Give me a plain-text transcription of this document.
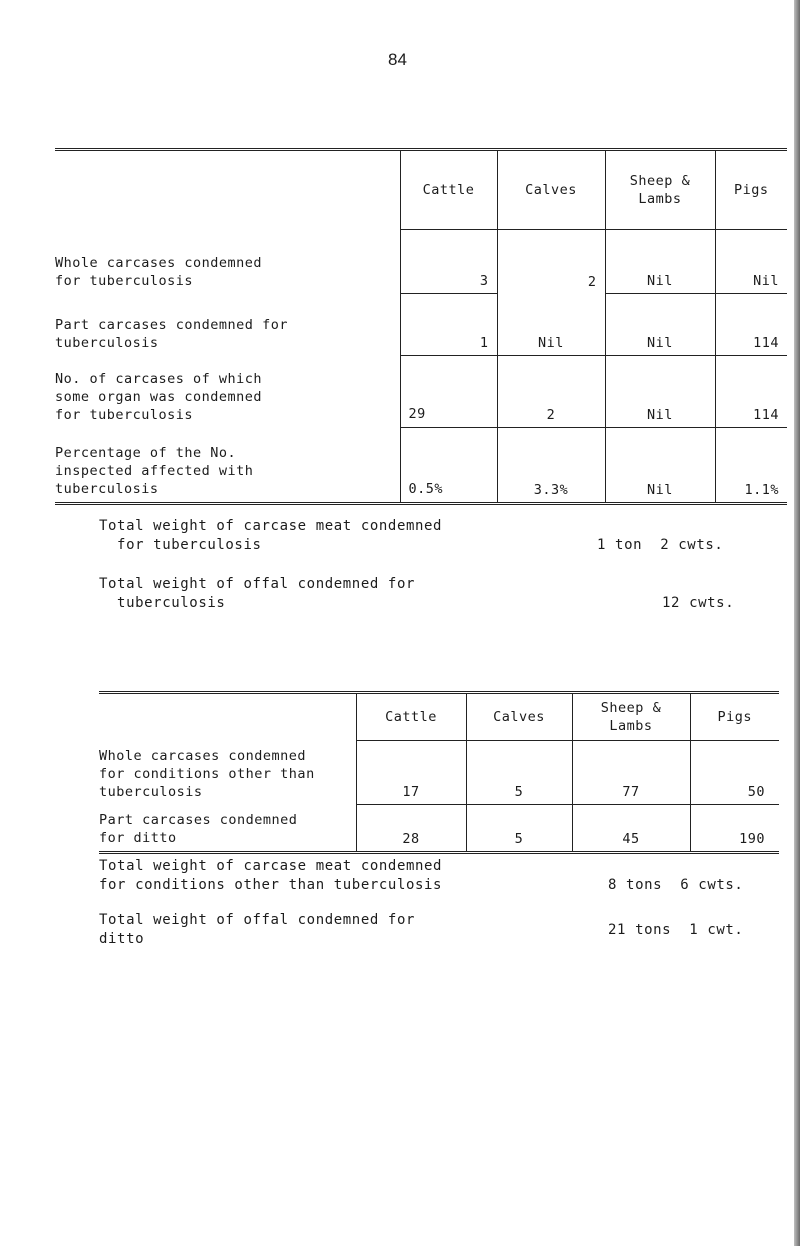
84
	Cattle	Calves	Sheep &
Lambs	Pigs
Whole carcases condemned
for tuberculosis	3	2	Nil	Nil
Part carcases condemned for
tuberculosis	1	Nil	Nil	114
No. of carcases of which
some organ was condemned
for tuberculosis	29	2	Nil	114
Percentage of the No.
inspected affected with
tuberculosis	0.5%	3.3%	Nil	1.1%
Total weight of carcase meat condemned
for tuberculosis	1 ton  2 cwts.
Total weight of offal condemned for
tuberculosis	12 cwts.
	Cattle	Calves	Sheep &
Lambs	Pigs
Whole carcases condemned
for conditions other than
tuberculosis	17	5	77	50
Part carcases condemned
for ditto	28	5	45	190
Total weight of carcase meat condemned
for conditions other than tuberculosis	8 tons  6 cwts.
Total weight of offal condemned for
ditto
21 tons  1 cwt.
